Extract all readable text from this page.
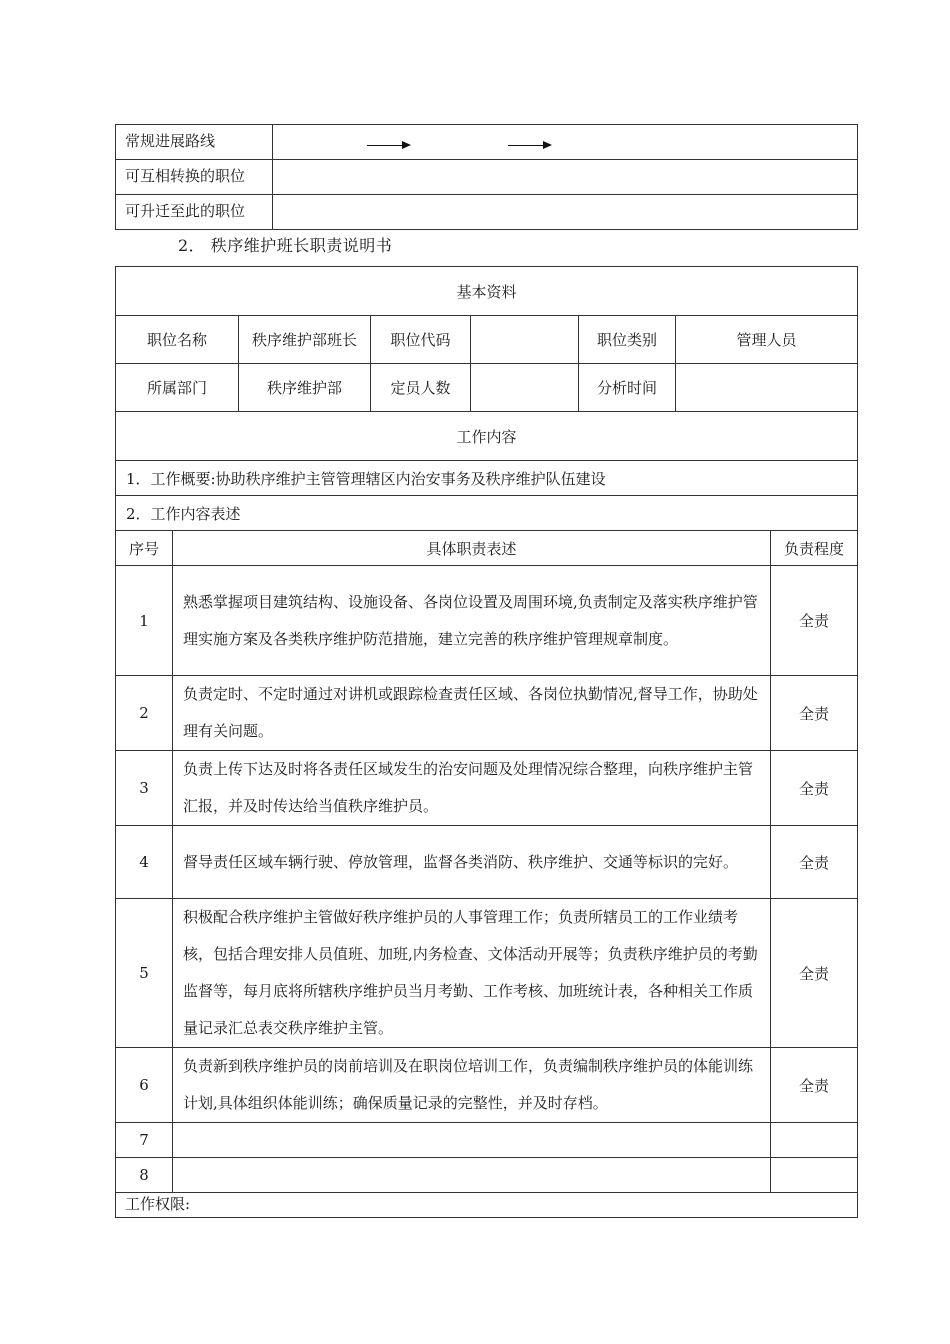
常规进展路线	

可互相转换的职位	

可升迁至此的职位	

2． 秩序维护班长职责说明书
基本资料							
职位名称		秩序维护部班长	职位代码		职位类别	管理人员	
所属部门		秩序维护部	定员人数		分析时间		
工作内容							
1．工作概要:协助秩序维护主管管理辖区内治安事务及秩序维护队伍建设							
2．工作内容表述							
序号	具体职责表述						负责程度
1	熟悉掌握项目建筑结构、设施设备、各岗位设置及周围环境,负责制定及落实秩序维护管理实施方案及各类秩序维护防范措施，建立完善的秩序维护管理规章制度。						全责
2	负责定时、不定时通过对讲机或跟踪检查责任区域、各岗位执勤情况,督导工作，协助处理有关问题。						全责
3	负责上传下达及时将各责任区域发生的治安问题及处理情况综合整理，向秩序维护主管汇报，并及时传达给当值秩序维护员。						全责
4	督导责任区域车辆行驶、停放管理，监督各类消防、秩序维护、交通等标识的完好。						全责
5	积极配合秩序维护主管做好秩序维护员的人事管理工作；负责所辖员工的工作业绩考核，包括合理安排人员值班、加班,内务检查、文体活动开展等；负责秩序维护员的考勤监督等，每月底将所辖秩序维护员当月考勤、工作考核、加班统计表，各种相关工作质量记录汇总表交秩序维护主管。						全责
6	负责新到秩序维护员的岗前培训及在职岗位培训工作，负责编制秩序维护员的体能训练计划,具体组织体能训练；确保质量记录的完整性，并及时存档。						全责
7							
8							
工作权限:							
